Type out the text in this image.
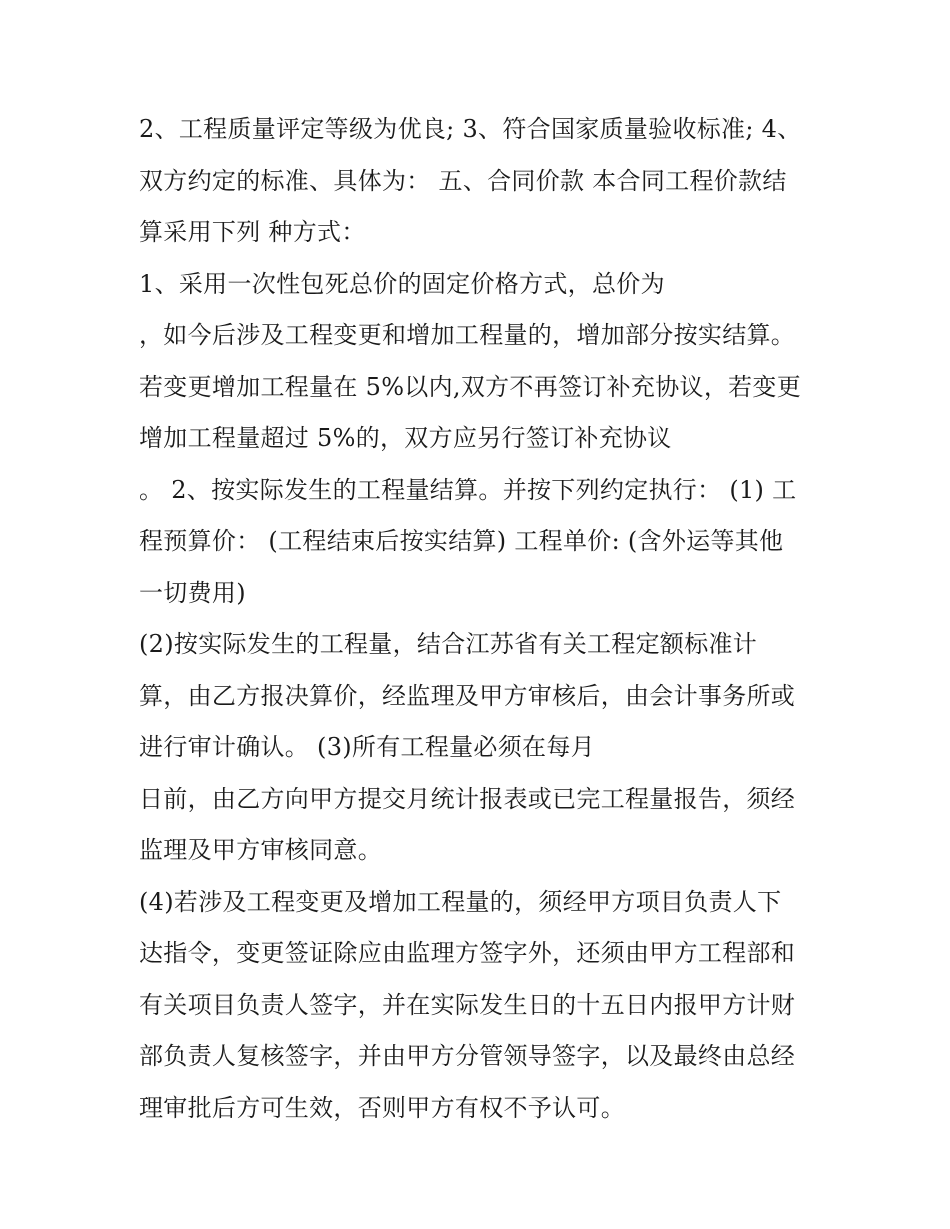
2、工程质量评定等级为优良; 3、符合国家质量验收标准; 4、
双方约定的标准、具体为： 五、合同价款 本合同工程价款结
算采用下列 种方式：
1、采用一次性包死总价的固定价格方式，总价为
，如今后涉及工程变更和增加工程量的，增加部分按实结算。
若变更增加工程量在 5%以内,双方不再签订补充协议，若变更
增加工程量超过 5%的，双方应另行签订补充协议
。 2、按实际发生的工程量结算。并按下列约定执行： (1) 工
程预算价： (工程结束后按实结算) 工程单价: (含外运等其他
一切费用)
(2)按实际发生的工程量，结合江苏省有关工程定额标准计
算，由乙方报决算价，经监理及甲方审核后，由会计事务所或
进行审计确认。 (3)所有工程量必须在每月
日前，由乙方向甲方提交月统计报表或已完工程量报告，须经
监理及甲方审核同意。
(4)若涉及工程变更及增加工程量的，须经甲方项目负责人下
达指令，变更签证除应由监理方签字外，还须由甲方工程部和
有关项目负责人签字，并在实际发生日的十五日内报甲方计财
部负责人复核签字，并由甲方分管领导签字，以及最终由总经
理审批后方可生效，否则甲方有权不予认可。
